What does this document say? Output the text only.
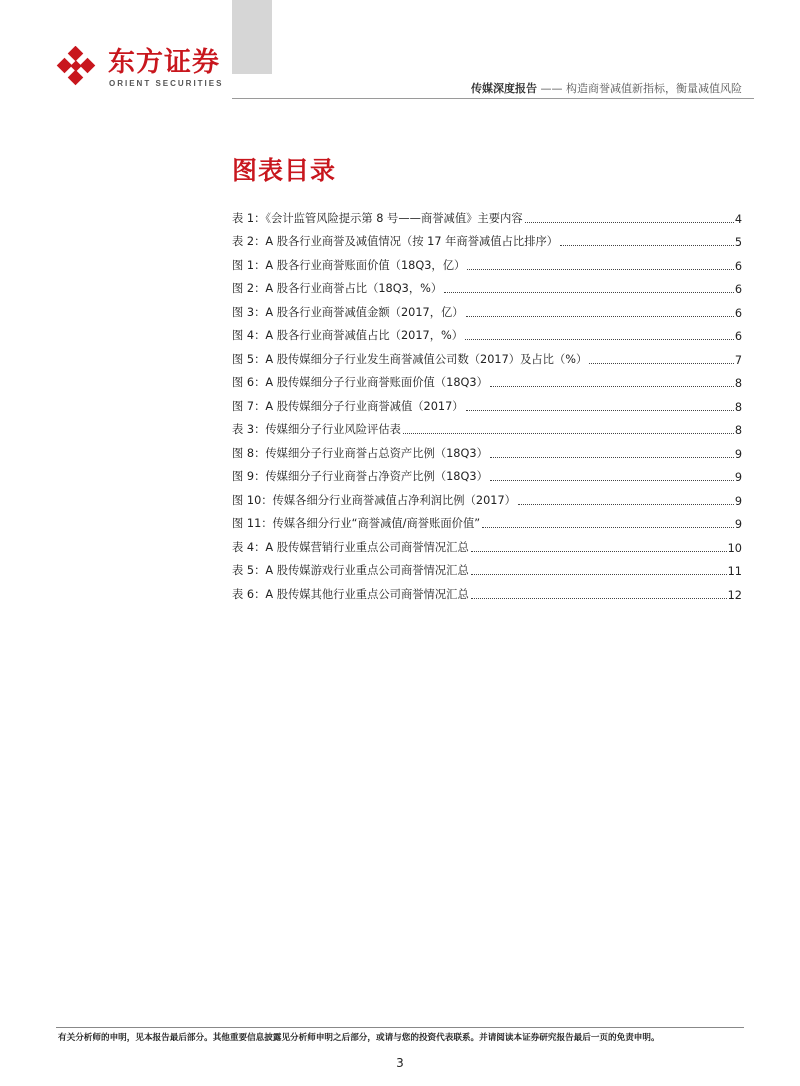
东方证券
ORIENT SECURITIES	传媒深度报告 —— 构造商誉减值新指标，衡量减值风险
图表目录
表 1：《会计监管风险提示第 8 号——商誉减值》主要内容	4
表 2：A 股各行业商誉及减值情况（按 17 年商誉减值占比排序）	5
图 1：A 股各行业商誉账面价值（18Q3，亿）	6
图 2：A 股各行业商誉占比（18Q3，%）	6
图 3：A 股各行业商誉减值金额（2017，亿）	6
图 4：A 股各行业商誉减值占比（2017，%）	6
图 5：A 股传媒细分子行业发生商誉减值公司数（2017）及占比（%）	7
图 6：A 股传媒细分子行业商誉账面价值（18Q3）	8
图 7：A 股传媒细分子行业商誉减值（2017）	8
表 3：传媒细分子行业风险评估表	8
图 8：传媒细分子行业商誉占总资产比例（18Q3）	9
图 9：传媒细分子行业商誉占净资产比例（18Q3）	9
图 10：传媒各细分行业商誉减值占净利润比例（2017）	9
图 11：传媒各细分行业“商誉减值/商誉账面价值”	9
表 4：A 股传媒营销行业重点公司商誉情况汇总	10
表 5：A 股传媒游戏行业重点公司商誉情况汇总	11
表 6：A 股传媒其他行业重点公司商誉情况汇总	12
有关分析师的申明，见本报告最后部分。其他重要信息披露见分析师申明之后部分，或请与您的投资代表联系。并请阅读本证券研究报告最后一页的免责申明。
3
